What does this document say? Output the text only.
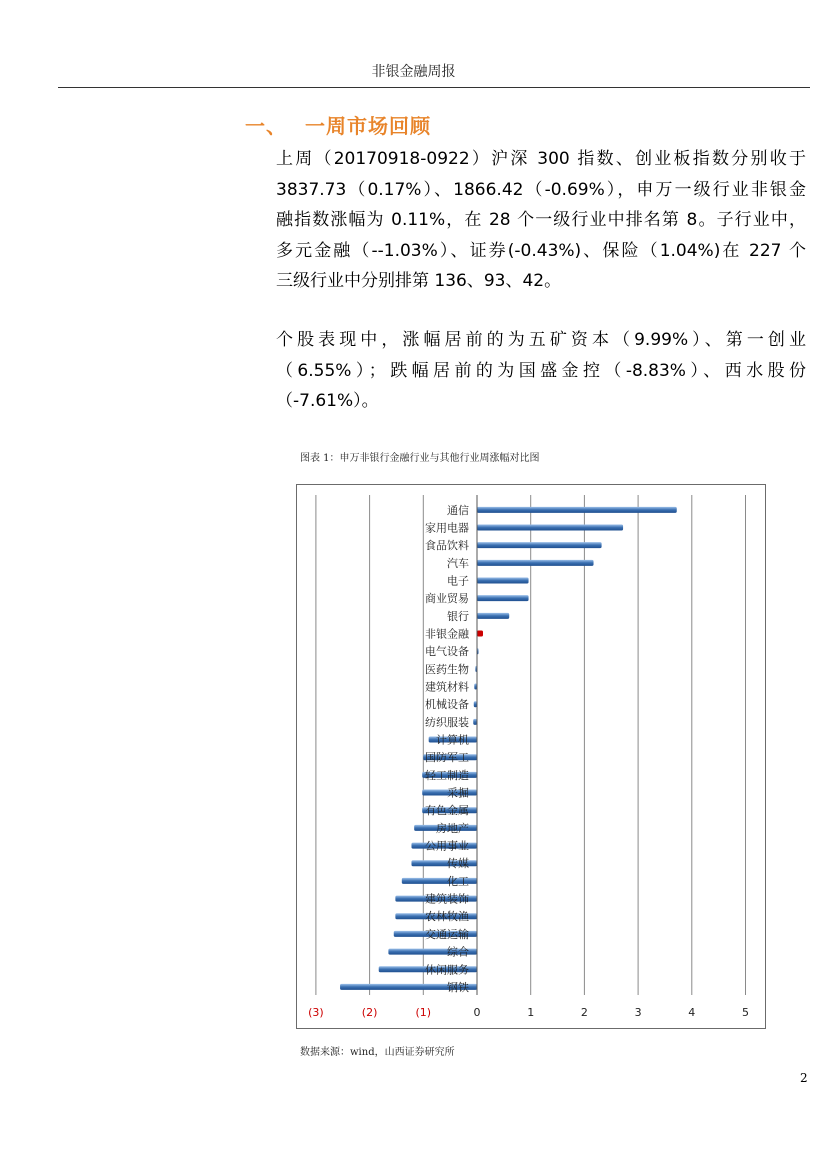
非银金融周报
一、 一周市场回顾
上周（20170918-0922）沪深 300 指数、创业板指数分别收于
3837.73（0.17%）、1866.42（-0.69%），申万一级行业非银金
融指数涨幅为 0.11%，在 28 个一级行业中排名第 8。子行业中，
多元金融（--1.03%）、证券(-0.43%)、保险（1.04%)在 227 个
三级行业中分别排第 136、93、42。
个股表现中，涨幅居前的为五矿资本（9.99%）、第一创业
（6.55%）；跌幅居前的为国盛金控（-8.83%）、西水股份
（-7.61%）。
图表 1：申万非银行金融行业与其他行业周涨幅对比图
通信
家用电器
食品饮料
汽车
电子
商业贸易
银行
非银金融
电气设备
医药生物
建筑材料
机械设备
纺织服装
计算机
国防军工
轻工制造
采掘
有色金属
房地产
公用事业
传媒
化工
建筑装饰
农林牧渔
交通运输
综合
休闲服务
钢铁
(3)	(2)	(1)	0	1	2	3	4	5
数据来源：wind，山西证券研究所
2
